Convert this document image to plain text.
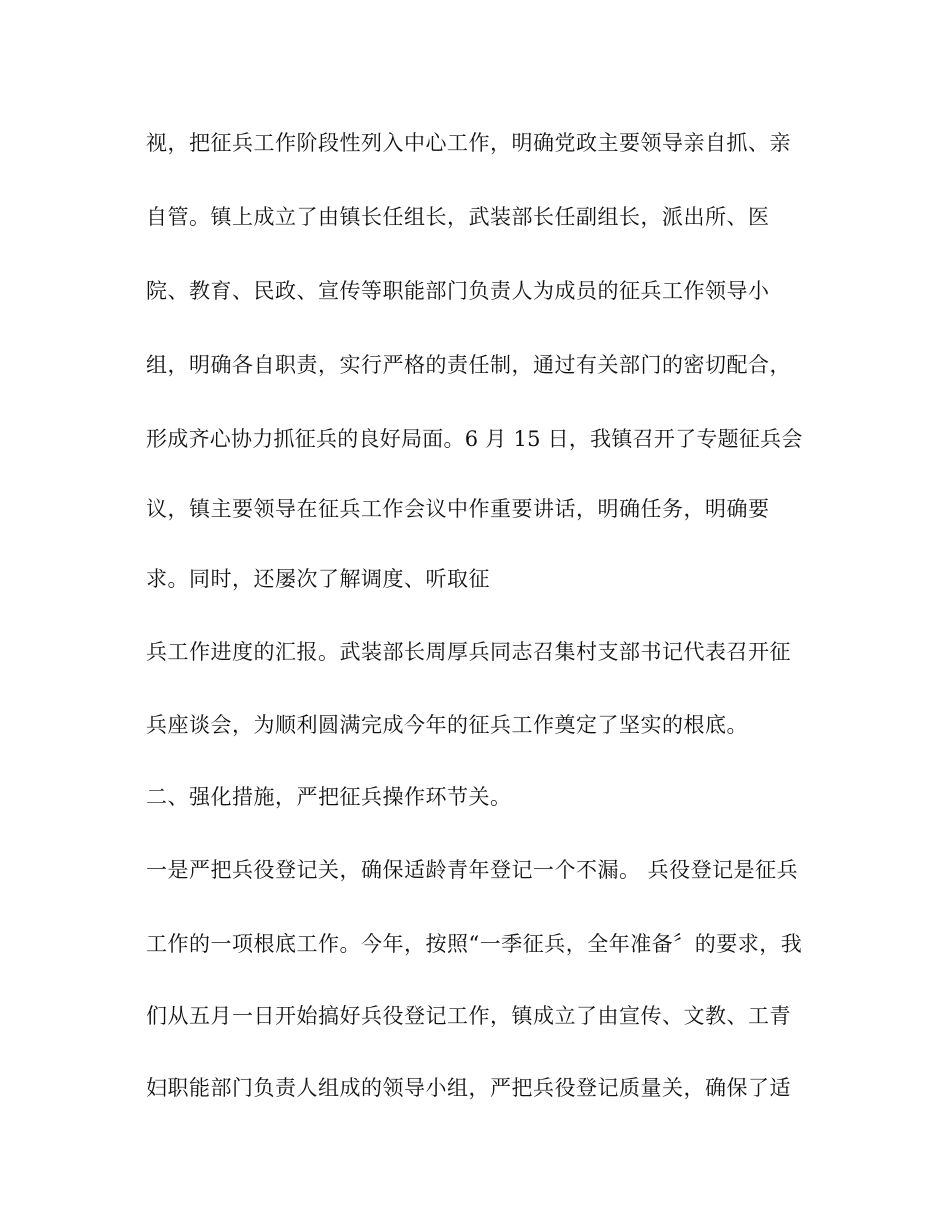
视，把征兵工作阶段性列入中心工作，明确党政主要领导亲自抓、亲
自管。镇上成立了由镇长任组长，武装部长任副组长，派出所、医
院、教育、民政、宣传等职能部门负责人为成员的征兵工作领导小
组，明确各自职责，实行严格的责任制，通过有关部门的密切配合，
形成齐心协力抓征兵的良好局面。6 月 15 日，我镇召开了专题征兵会
议，镇主要领导在征兵工作会议中作重要讲话，明确任务，明确要
求。同时，还屡次了解调度、听取征
兵工作进度的汇报。武装部长周厚兵同志召集村支部书记代表召开征
兵座谈会，为顺利圆满完成今年的征兵工作奠定了坚实的根底。
二、强化措施，严把征兵操作环节关。
一是严把兵役登记关，确保适龄青年登记一个不漏。 兵役登记是征兵
工作的一项根底工作。今年，按照“一季征兵，全年准备〞的要求，我
们从五月一日开始搞好兵役登记工作，镇成立了由宣传、文教、工青
妇职能部门负责人组成的领导小组，严把兵役登记质量关，确保了适
